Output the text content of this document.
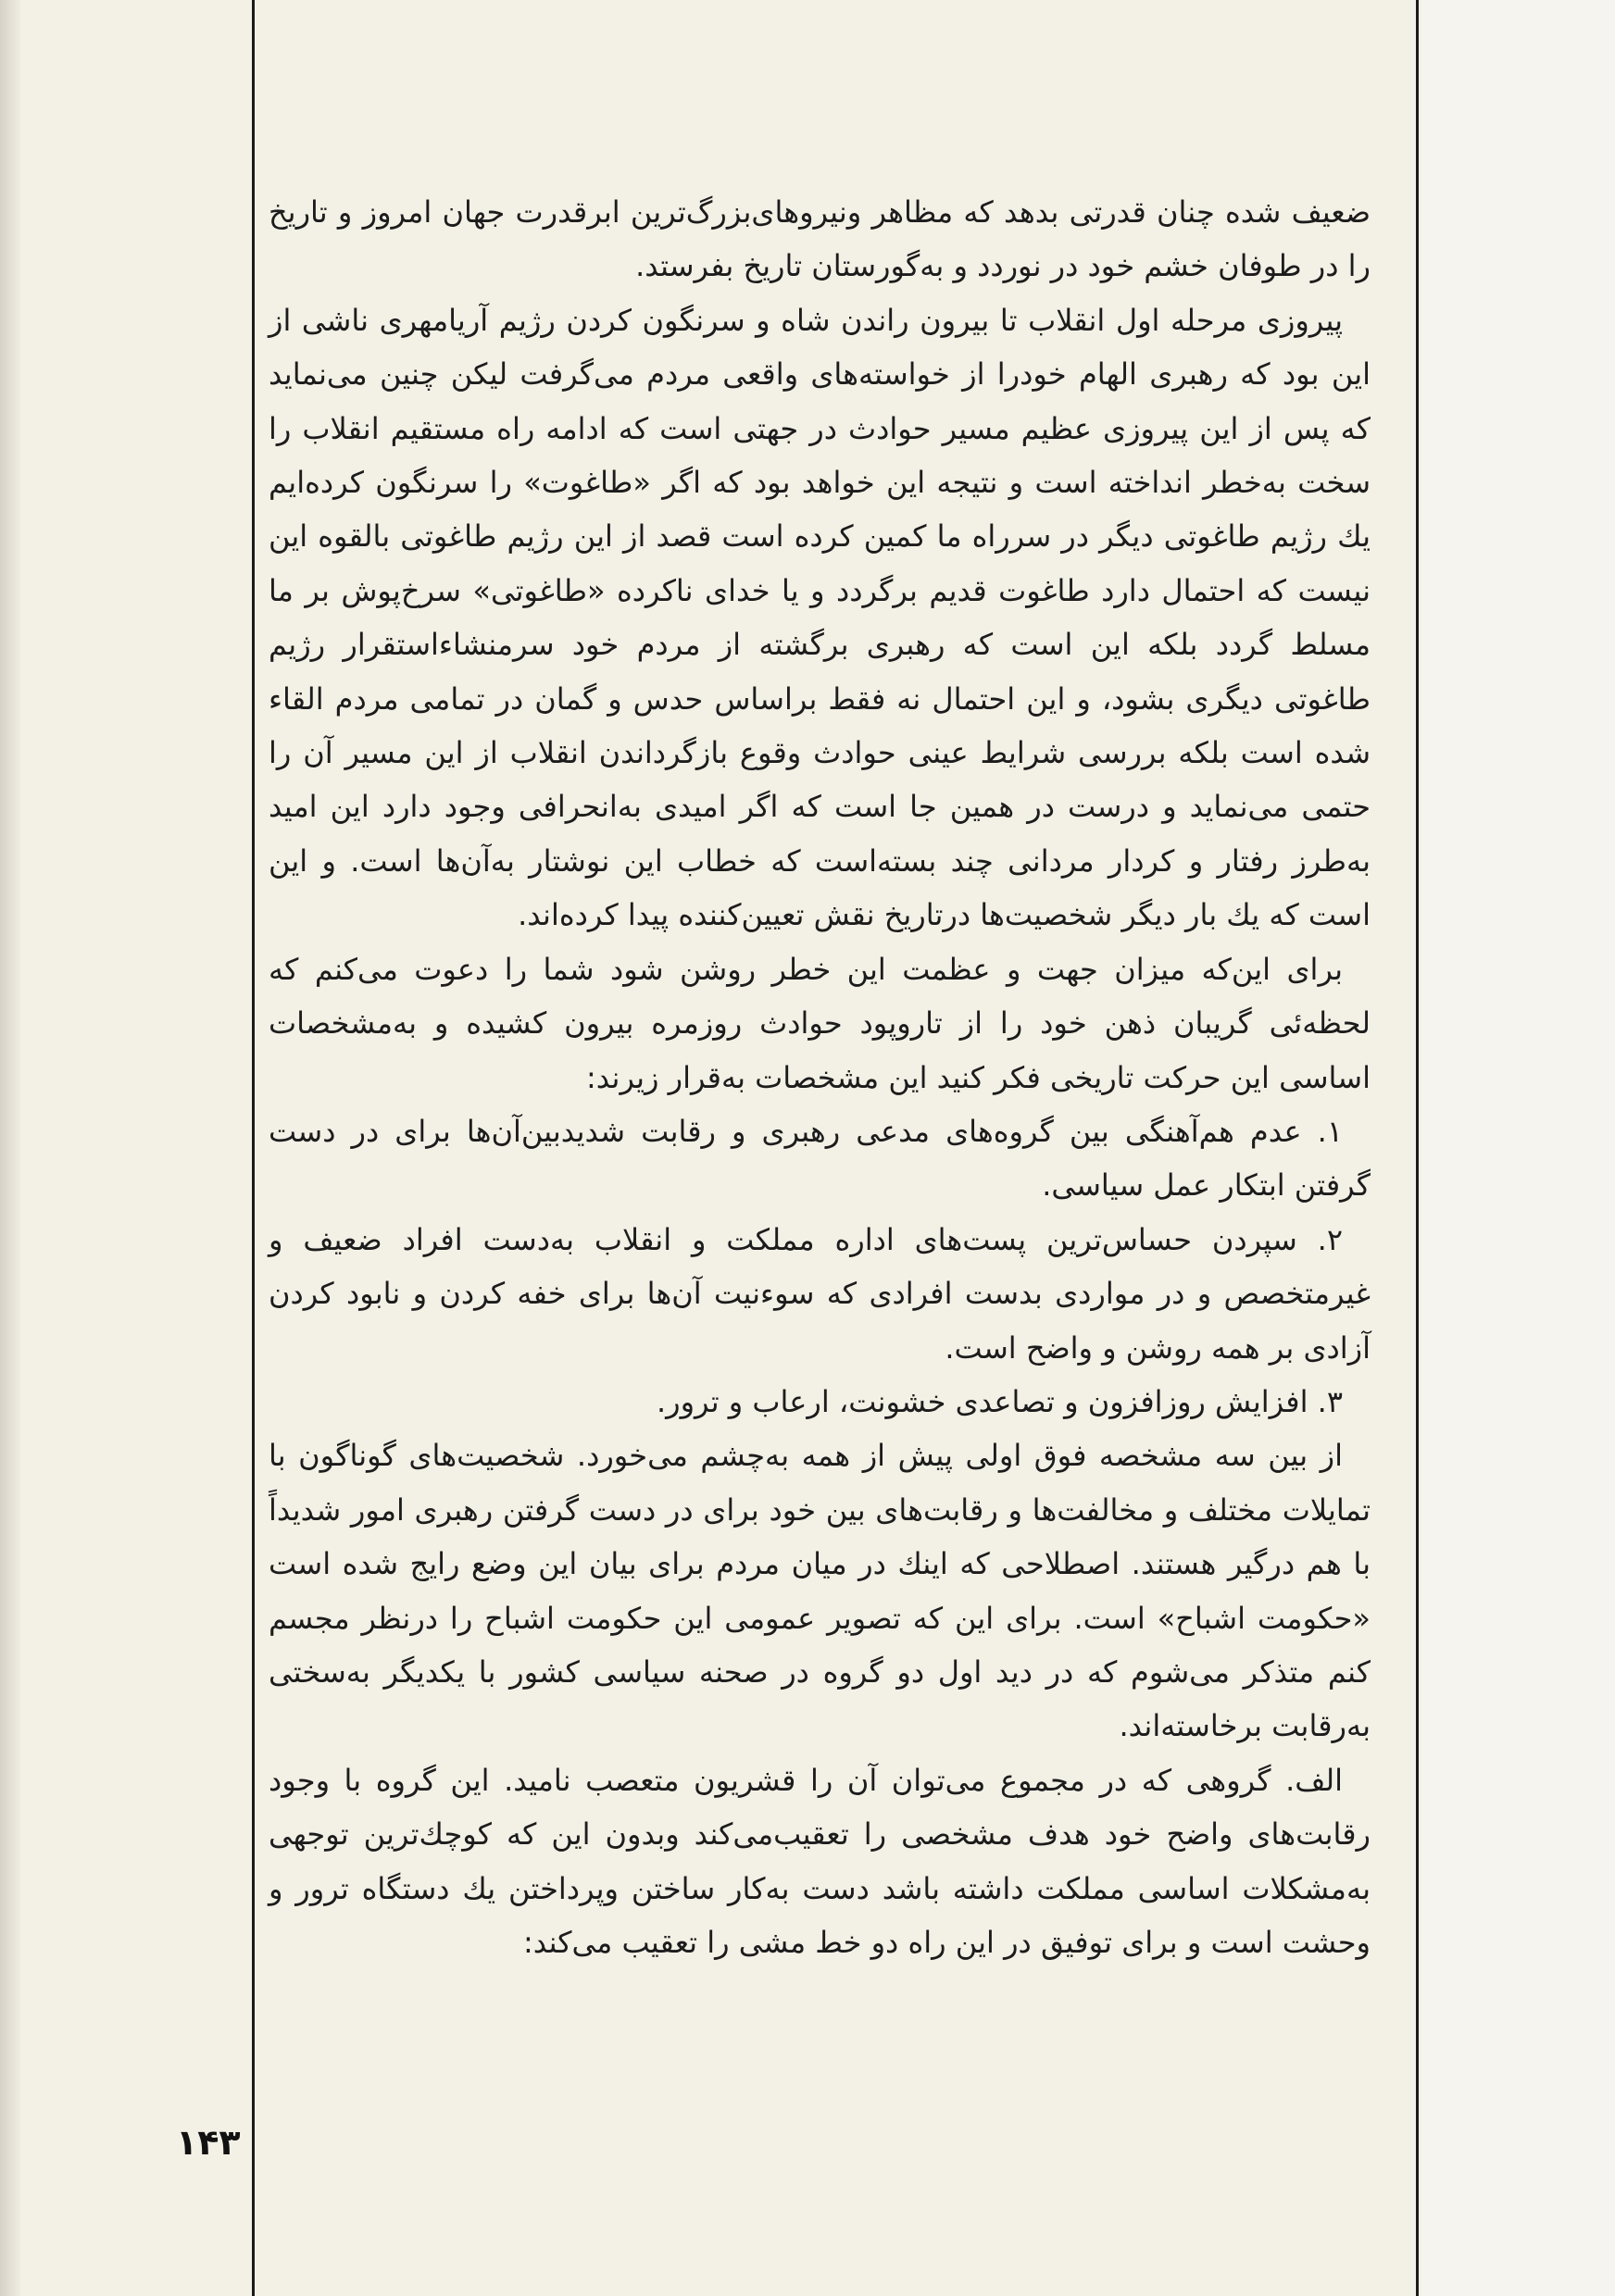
ضعیف شده چنان قدرتی بدهد که مظاهر ونیروهای‌بزرگ‌ترین ابرقدرت جهان امروز و تاریخ را در طوفان خشم خود در نوردد و به‌گورستان تاریخ بفرستد.

پیروزی مرحله اول انقلاب تا بیرون راندن شاه و سرنگون کردن رژیم آریامهری ناشی از این بود که رهبری الهام خودرا از خواسته‌های واقعی مردم می‌گرفت لیکن چنین می‌نماید که پس از این پیروزی عظیم مسیر حوادث در جهتی است که ادامه راه مستقیم انقلاب را سخت به‌خطر انداخته است و نتیجه این خواهد بود که اگر «طاغوت» را سرنگون کرده‌ایم یك رژیم طاغوتی دیگر در سرراه ما کمین کرده است قصد از این رژیم طاغوتی بالقوه این نیست که احتمال دارد طاغوت قدیم برگردد و یا خدای ناکرده «طاغوتی» سرخ‌پوش بر ما مسلط گردد بلکه این است که رهبری برگشته از مردم خود سرمنشاءاستقرار رژیم طاغوتی دیگری بشود، و این احتمال نه فقط براساس حدس و گمان در تمامی مردم القاء شده است بلکه بررسی شرایط عینی حوادث وقوع بازگرداندن انقلاب از این مسیر آن را حتمی می‌نماید و درست در همین جا است که اگر امیدی به‌انحرافی وجود دارد این امید به‌طرز رفتار و کردار مردانی چند بسته‌است که خطاب این نوشتار به‌آن‌ها است. و این است که یك بار دیگر شخصیت‌ها درتاریخ نقش تعیین‌کننده پیدا کرده‌اند.

برای این‌که میزان جهت و عظمت این خطر روشن شود شما را دعوت می‌کنم که لحظه‌ئی گریبان ذهن خود را از تاروپود حوادث روزمره بیرون کشیده و به‌مشخصات اساسی این حرکت تاریخی فکر کنید این مشخصات به‌قرار زیرند:

۱. عدم هم‌آهنگی بین گروه‌های مدعی رهبری و رقابت شدیدبین‌آن‌ها برای در دست گرفتن ابتکار عمل سیاسی.

۲. سپردن حساس‌ترین پست‌های اداره مملکت و انقلاب به‌دست افراد ضعیف و غیرمتخصص و در مواردی بدست افرادی که سوءنیت آن‌ها برای خفه کردن و نابود کردن آزادی بر همه روشن و واضح است.

۳. افزایش روزافزون و تصاعدی خشونت، ارعاب و ترور.

از بین سه مشخصه فوق اولی پیش از همه به‌چشم می‌خورد. شخصیت‌های گوناگون با تمایلات مختلف و مخالفت‌ها و رقابت‌های بین خود برای در دست گرفتن رهبری امور شدیداً با هم درگیر هستند. اصطلاحی که اینك در میان مردم برای بیان این وضع رایج شده است «حکومت اشباح» است. برای این که تصویر عمومی این حکومت اشباح را درنظر مجسم کنم متذکر می‌شوم که در دید اول دو گروه در صحنه سیاسی کشور با یکدیگر به‌سختی به‌رقابت برخاسته‌اند.

الف. گروهی که در مجموع می‌توان آن را قشریون متعصب نامید. این گروه با وجود رقابت‌های واضح خود هدف مشخصی را تعقیب‌می‌کند وبدون این که کوچك‌ترین توجهی به‌مشکلات اساسی مملکت داشته باشد دست به‌کار ساختن وپرداختن یك دستگاه ترور و وحشت است و برای توفیق در این راه دو خط مشی را تعقیب می‌کند:

۱۴۳
